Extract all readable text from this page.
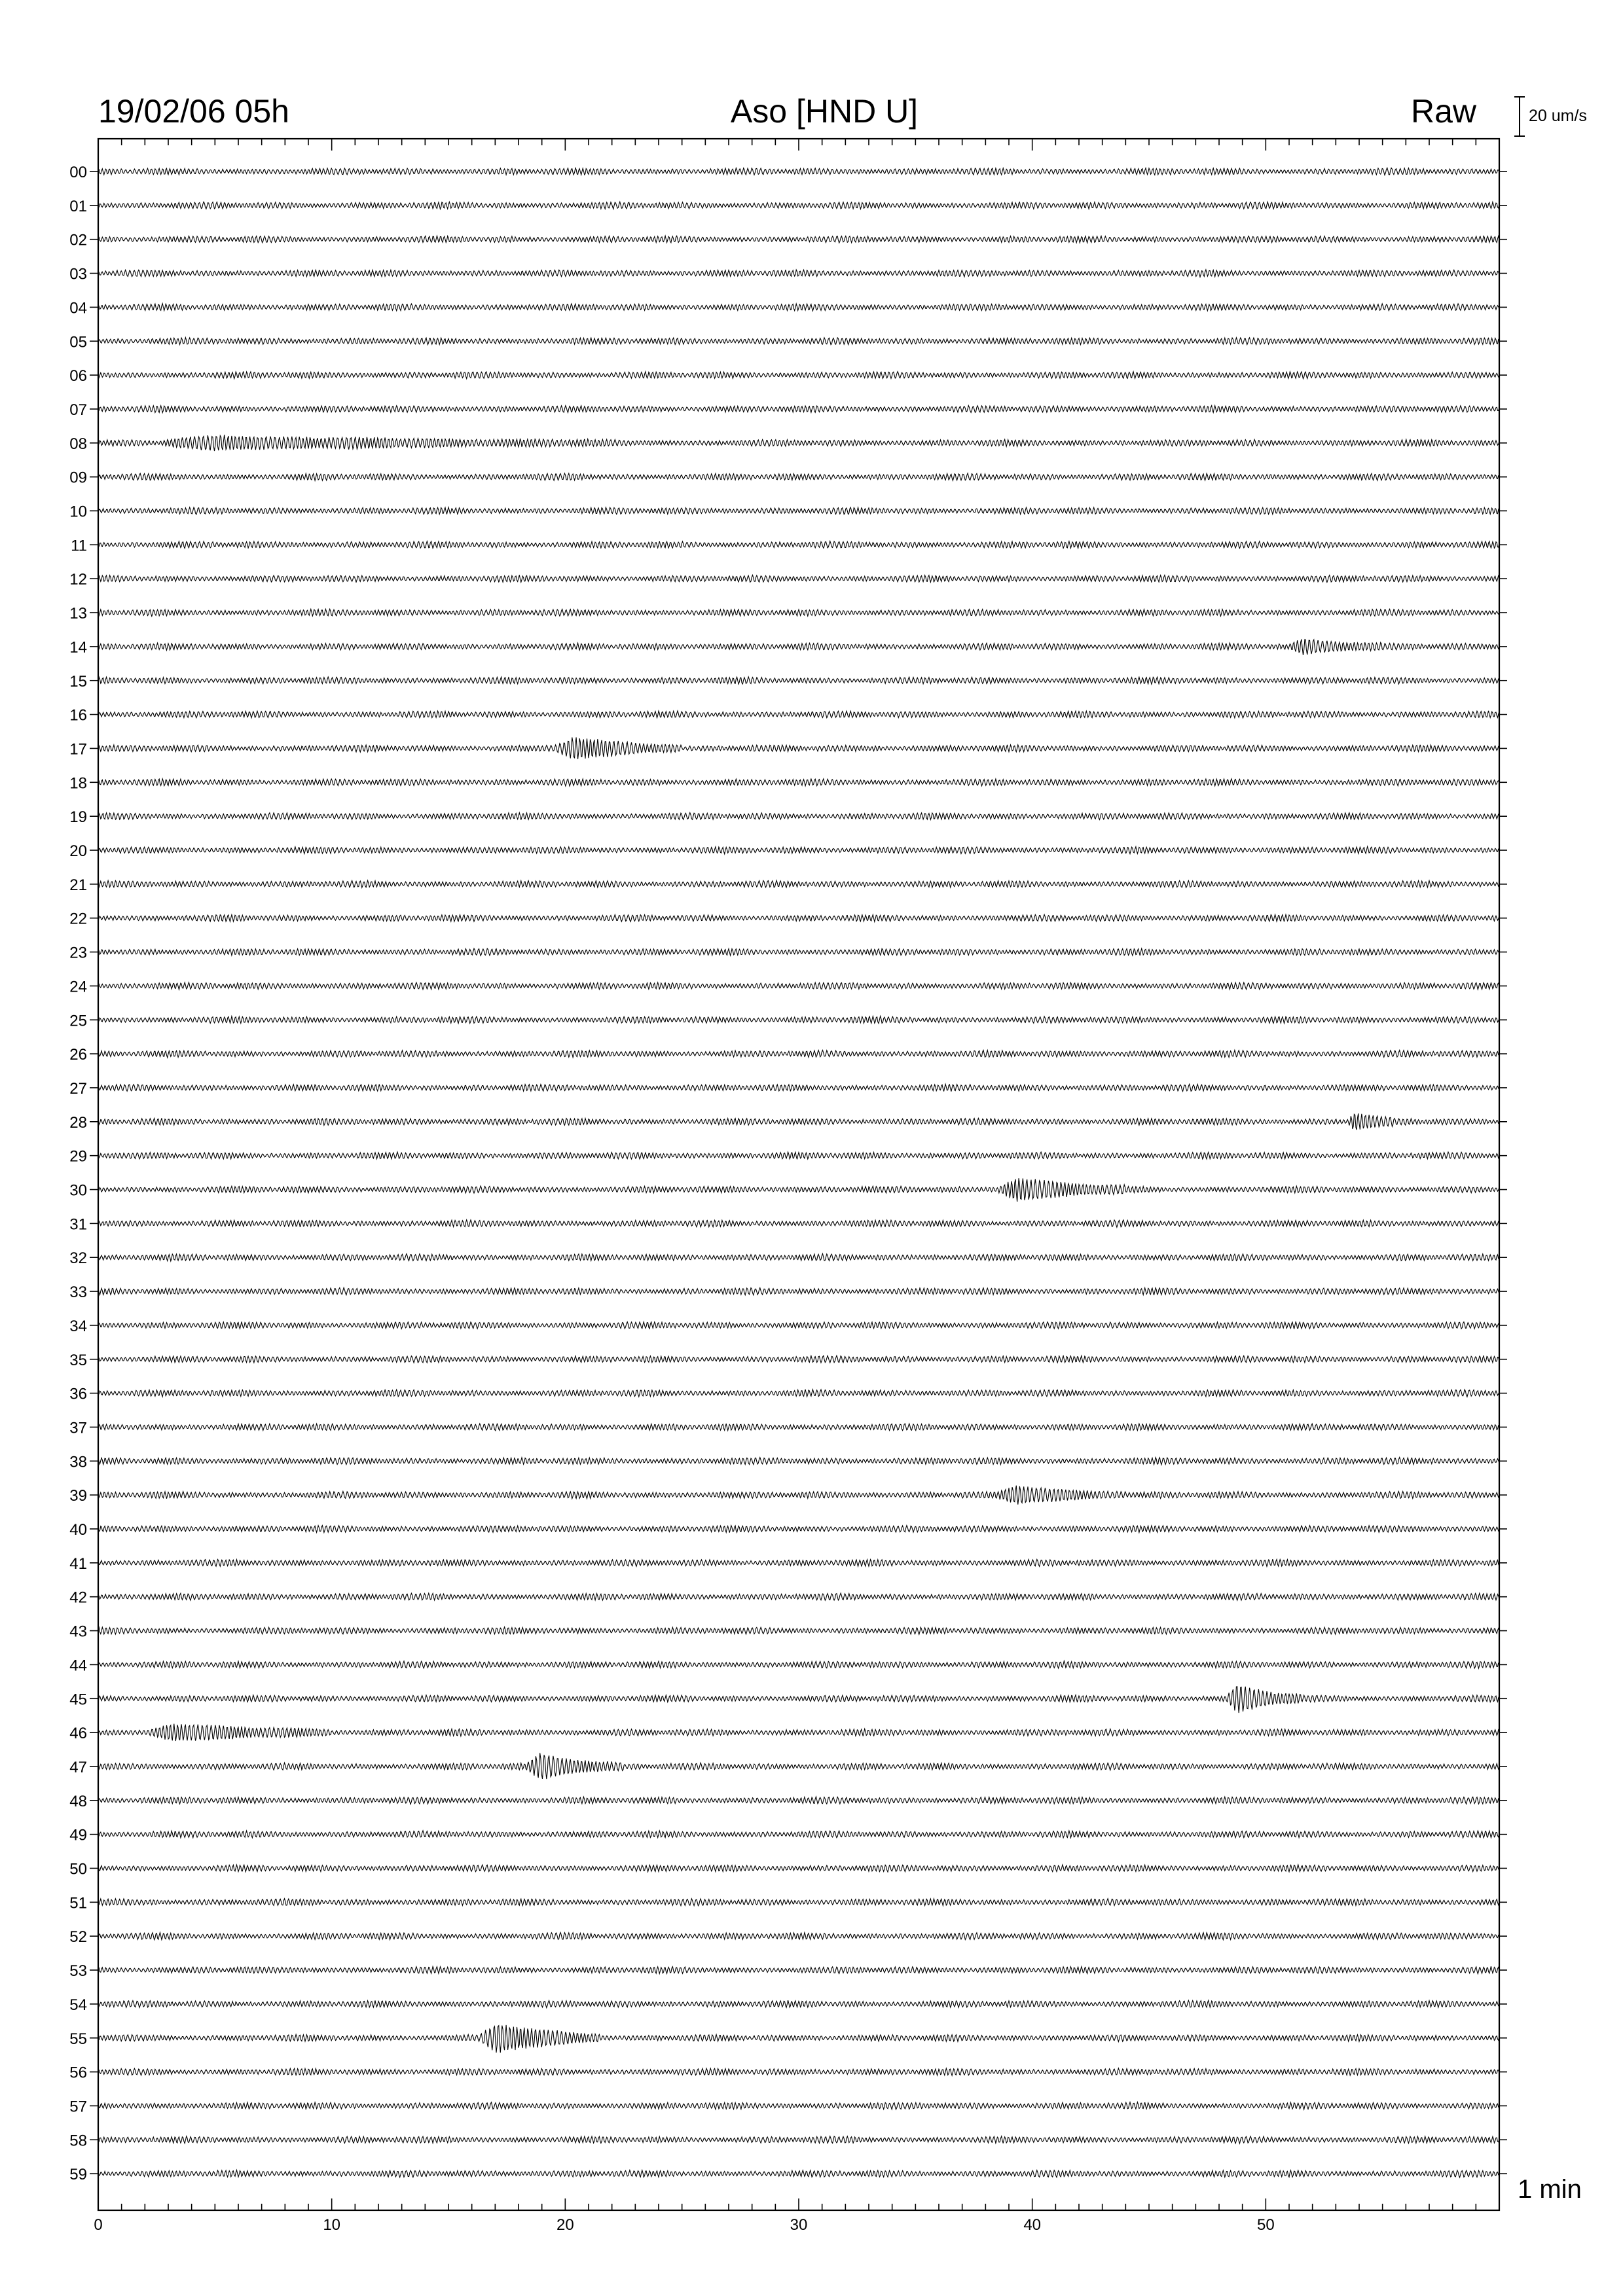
19/02/06 05h	Aso [HND U]	Raw	20 um/s
1 min
00
01
02
03
04
05
06
07
08
09
10
11
12
13
14
15
16
17
18
19
20
21
22
23
24
25
26
27
28
29
30
31
32
33
34
35
36
37
38
39
40
41
42
43
44
45
46
47
48
49
50
51
52
53
54
55
56
57
58
59
0	10	20	30	40	50
